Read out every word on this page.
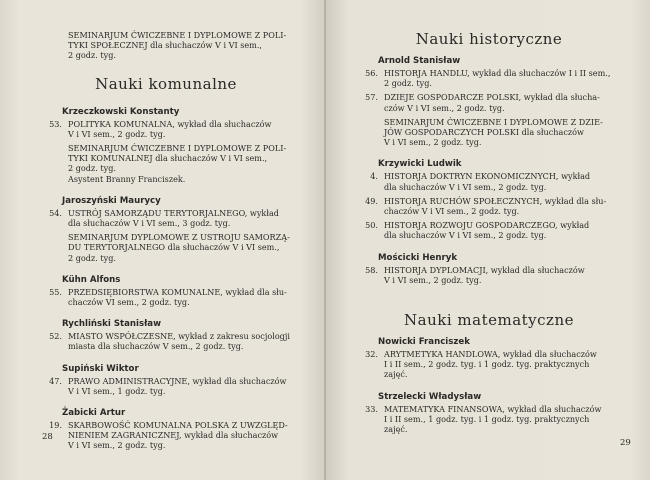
SEMINARJUM ĆWICZEBNE I DYPLOMOWE Z POLI-
TYKI SPOŁECZNEJ dla słuchaczów V i VI sem.,
2 godz. tyg.

Nauki komunalne

Krzeczkowski Konstanty

53. POLITYKA KOMUNALNA, wykład dla słuchaczów
V i VI sem., 2 godz. tyg.

SEMINARJUM ĆWICZEBNE I DYPLOMOWE Z POLI-
TYKI KOMUNALNEJ dla słuchaczów V i VI sem.,
2 godz. tyg.
Asystent Branny Franciszek.

Jaroszyński Maurycy

54. USTRÓJ SAMORZĄDU TERYTORJALNEGO, wykład
dla słuchaczów V i VI sem., 3 godz. tyg.

SEMINARJUM DYPLOMOWE Z USTROJU SAMORZĄ-
DU TERYTORJALNEGO dla słuchaczów V i VI sem.,
2 godz. tyg.

Kühn Alfons

55. PRZEDSIĘBIORSTWA KOMUNALNE, wykład dla słu-
chaczów VI sem., 2 godz. tyg.

Rychliński Stanisław

52. MIASTO WSPÓŁCZESNE, wykład z zakresu socjologji
miasta dla słuchaczów V sem., 2 godz. tyg.

Supiński Wiktor

47. PRAWO ADMINISTRACYJNE, wykład dla słuchaczów
V i VI sem., 1 godz. tyg.

Żabicki Artur

19. SKARBOWOŚĆ KOMUNALNA POLSKA Z UWZGLĘD-
NIENIEM ZAGRANICZNEJ, wykład dla słuchaczów
V i VI sem., 2 godz. tyg.

28
Nauki historyczne

Arnold Stanisław

56. HISTORJA HANDLU, wykład dla słuchaczów I i II sem.,
2 godz. tyg.

57. DZIEJE GOSPODARCZE POLSKI, wykład dla słucha-
czów V i VI sem., 2 godz. tyg.

SEMINARJUM ĆWICZEBNE I DYPLOMOWE Z DZIE-
JÓW GOSPODARCZYCH POLSKI dla słuchaczów
V i VI sem., 2 godz. tyg.

Krzywicki Ludwik

4. HISTORJA DOKTRYN EKONOMICZNYCH, wykład
dla słuchaczów V i VI sem., 2 godz. tyg.

49. HISTORJA RUCHÓW SPOŁECZNYCH, wykład dla słu-
chaczów V i VI sem., 2 godz. tyg.

50. HISTORJA ROZWOJU GOSPODARCZEGO, wykład
dla słuchaczów V i VI sem., 2 godz. tyg.

Mościcki Henryk

58. HISTORJA DYPLOMACJI, wykład dla słuchaczów
V i VI sem., 2 godz. tyg.

Nauki matematyczne

Nowicki Franciszek

32. ARYTMETYKA HANDLOWA, wykład dla słuchaczów
I i II sem., 2 godz. tyg. i 1 godz. tyg. praktycznych
zajęć.

Strzelecki Władysław

33. MATEMATYKA FINANSOWA, wykład dla słuchaczów
I i II sem., 1 godz. tyg. i 1 godz. tyg. praktycznych
zajęć.

29
